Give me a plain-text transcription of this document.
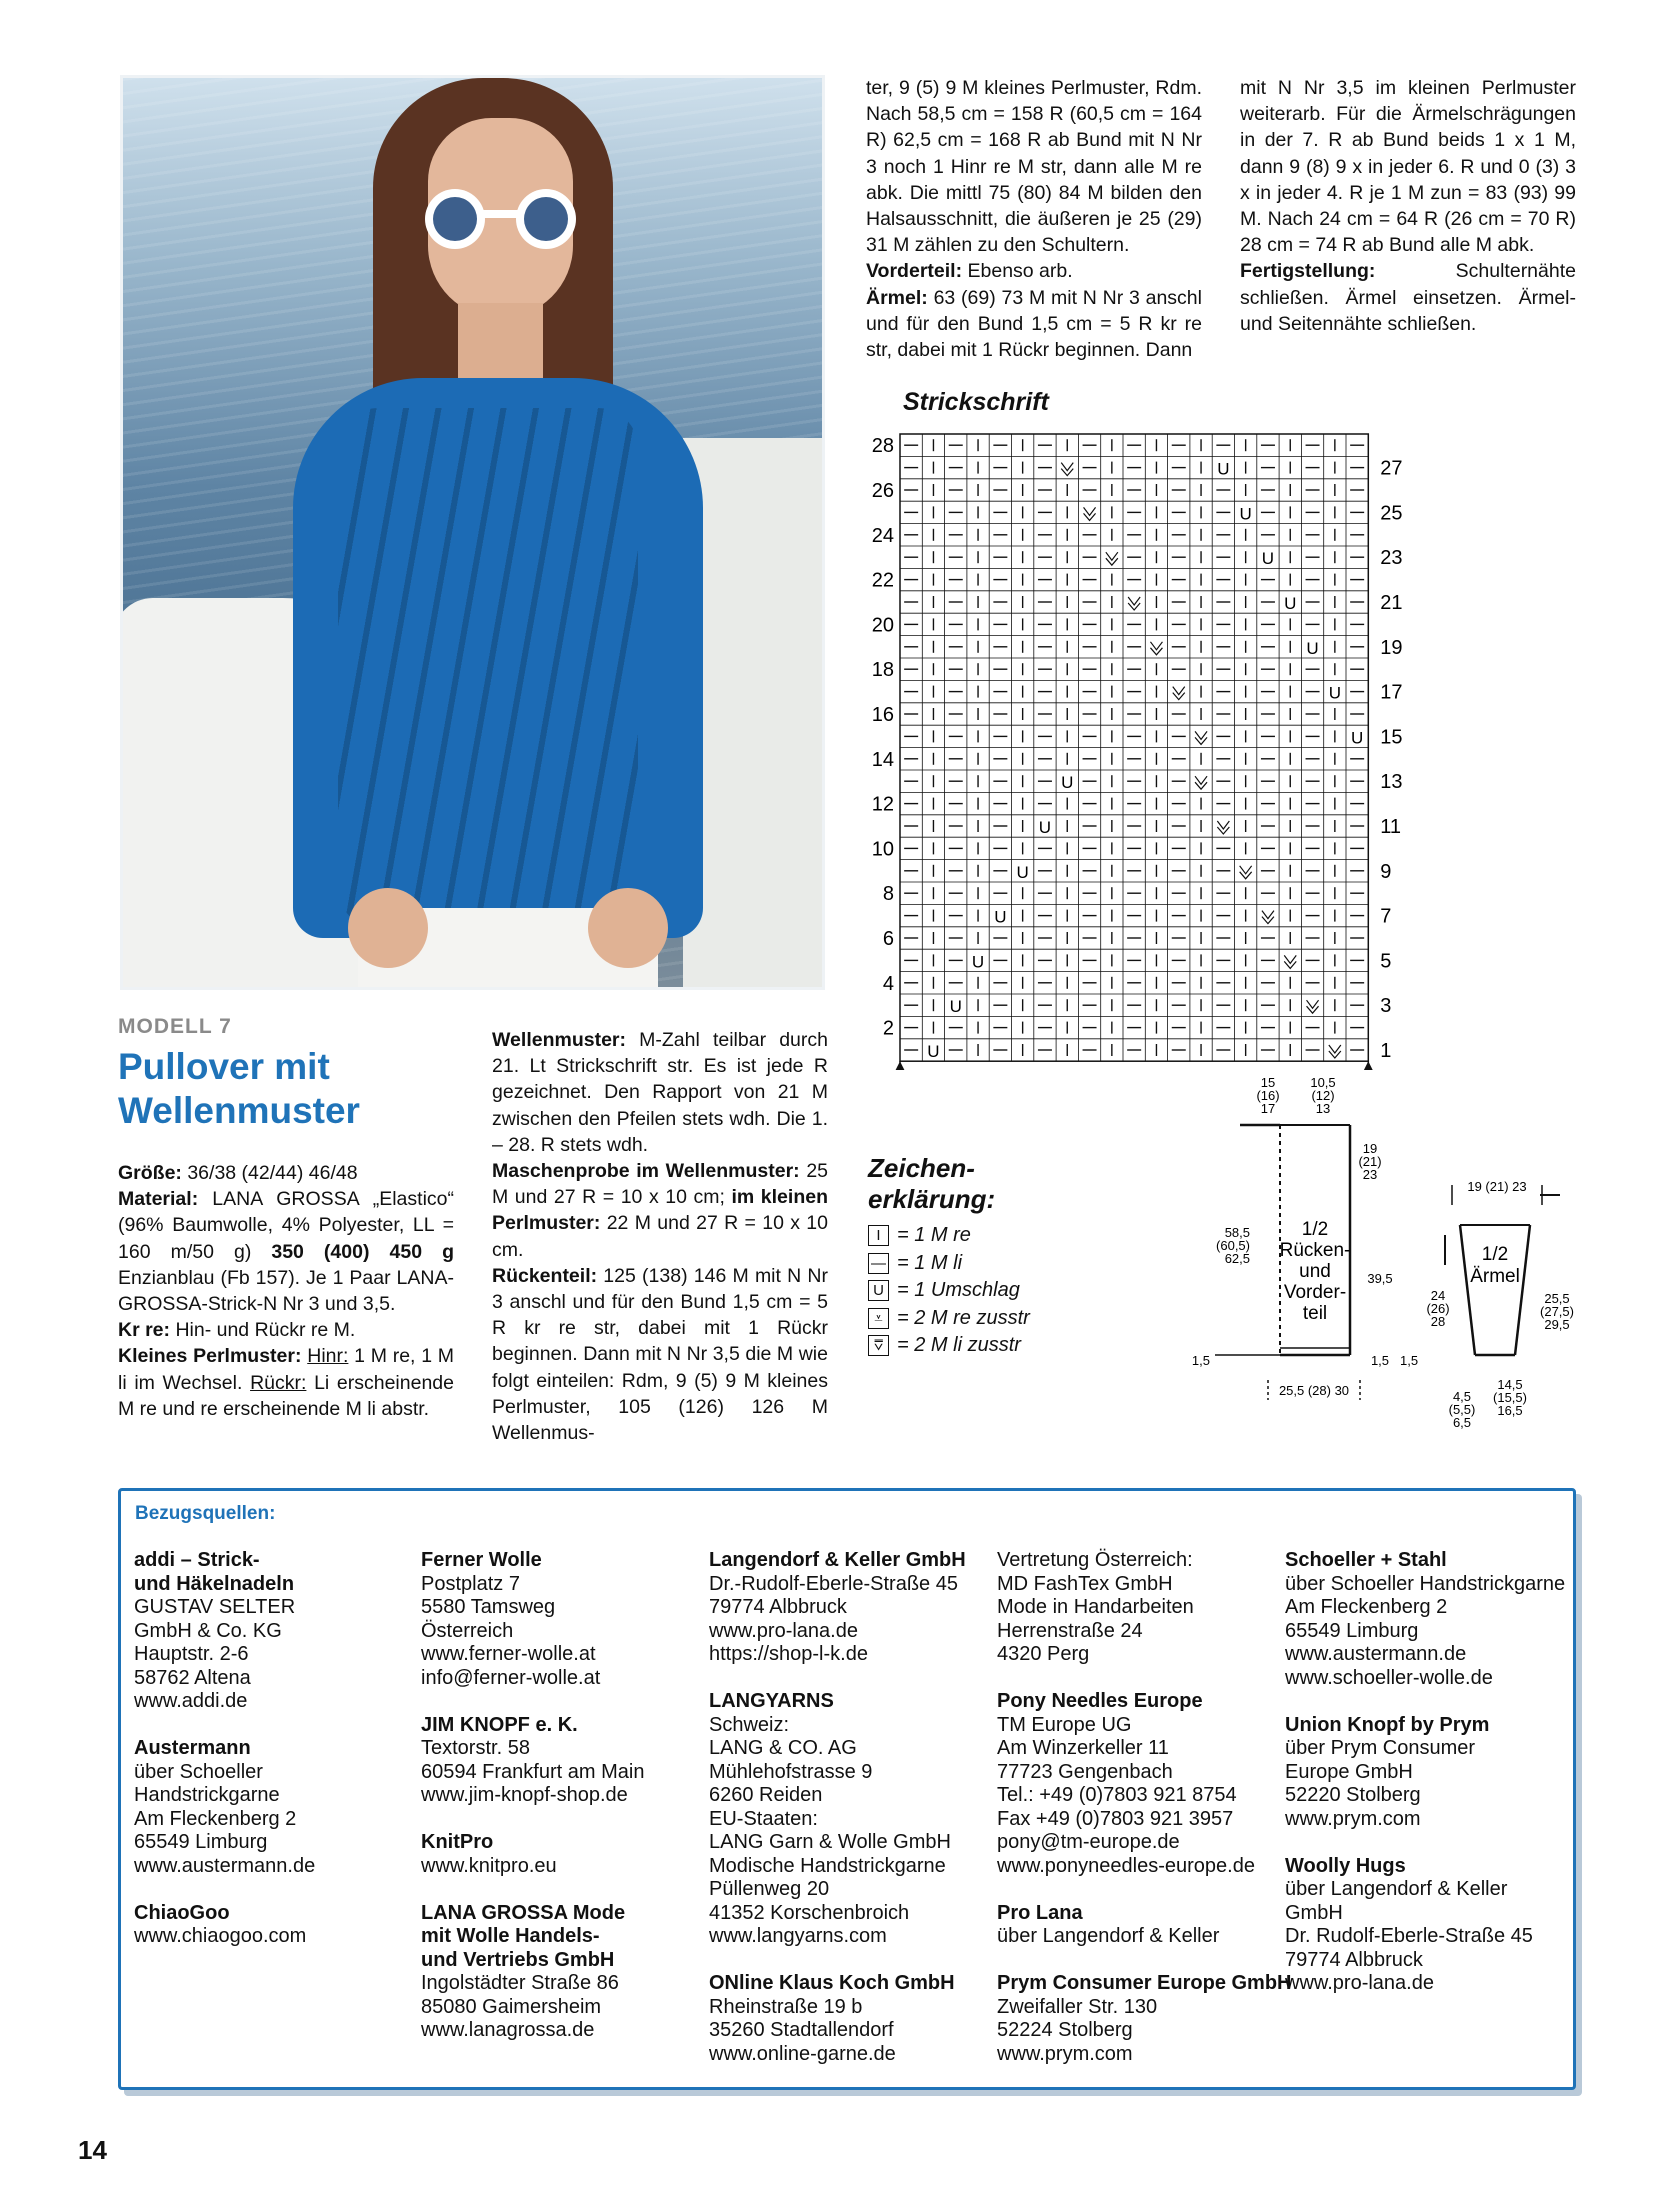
MODELL 7
Pullover mit
Wellenmuster

Größe: 36/38 (42/44) 46/48

Material: LANA GROSSA „Elastico“ (96% Baumwolle, 4% Polyester, LL = 160 m/50 g) 350 (400) 450 g Enzianblau (Fb 157). Je 1 Paar LANA-GROSSA-Strick-N Nr 3 und 3,5.

Kr re: Hin- und Rückr re M.

Kleines Perlmuster: Hinr: 1 M re, 1 M li im Wechsel. Rückr: Li erscheinende M re und re erscheinende M li abstr.

Wellenmuster: M-Zahl teilbar durch 21. Lt Strickschrift str. Es ist jede R gezeichnet. Den Rapport von 21 M zwischen den Pfeilen stets wdh. Die 1. – 28. R stets wdh.

Maschenprobe im Wellenmuster: 25 M und 27 R = 10 x 10 cm; im kleinen Perlmuster: 22 M und 27 R = 10 x 10 cm.

Rückenteil: 125 (138) 146 M mit N Nr 3 anschl und für den Bund 1,5 cm = 5 R kr re str, dabei mit 1 Rückr beginnen. Dann mit N Nr 3,5 die M wie folgt einteilen: Rdm, 9 (5) 9 M kleines Perlmuster, 105 (126) 126 M Wellenmus-

ter, 9 (5) 9 M kleines Perlmuster, Rdm. Nach 58,5 cm = 158 R (60,5 cm = 164 R) 62,5 cm = 168 R ab Bund mit N Nr 3 noch 1 Hinr re M str, dann alle M re abk. Die mittl 75 (80) 84 M bilden den Halsausschnitt, die äußeren je 25 (29) 31 M zählen zu den Schultern.

Vorderteil: Ebenso arb.

Ärmel: 63 (69) 73 M mit N Nr 3 anschl und für den Bund 1,5 cm = 5 R kr re str, dabei mit 1 Rückr beginnen. Dann

mit N Nr 3,5 im kleinen Perlmuster weiterarb. Für die Ärmelschrägungen in der 7. R ab Bund beids 1 x 1 M, dann 9 (8) 9 x in jeder 6. R und 0 (3) 3 x in jeder 4. R je 1 M zun = 83 (93) 99 M. Nach 24 cm = 64 R (26 cm = 70 R) 28 cm = 74 R ab Bund alle M abk.

Fertigstellung: Schulternähte schließen. Ärmel einsetzen. Ärmel- und Seitennähte schließen.

Strickschrift
U
U
U
U
U
U
U
U
U
U
U
U
U
U
28
26
24
22
20
18
16
14
12
10
8
6
4
2
27
25
23
21
19
17
15
13
11
9
7
5
3
1
Zeichen-
erklärung:
I = 1 M re
— = 1 M li
U = 1 Umschlag
⩡ = 2 M re zusstr
⩢ = 2 M li zusstr
1/2
Rücken-
und
Vorder-
teil
15
(16)
17
10,5
(12)
13
19
(21)
23
58,5
(60,5)
62,5
39,5
1,5	1,5 1,5
25,5 (28) 30
1/2
Ärmel
19 (21) 23
24
(26)
28
25,5
(27,5)
29,5
14,5
(15,5)
16,5
4,5
(5,5)
6,5
Bezugsquellen:
addi – Strick-
und Häkelnadeln
GUSTAV SELTER
GmbH & Co. KG
Hauptstr. 2-6
58762 Altena
www.addi.de
Austermann
über Schoeller
Handstrickgarne
Am Fleckenberg 2
65549 Limburg
www.austermann.de
ChiaoGoo
www.chiaogoo.com
Ferner Wolle
Postplatz 7
5580 Tamsweg
Österreich
www.ferner-wolle.at
info@ferner-wolle.at
JIM KNOPF e. K.
Textorstr. 58
60594 Frankfurt am Main
www.jim-knopf-shop.de
KnitPro
www.knitpro.eu
LANA GROSSA Mode
mit Wolle Handels-
und Vertriebs GmbH
Ingolstädter Straße 86
85080 Gaimersheim
www.lanagrossa.de
Langendorf & Keller GmbH
Dr.-Rudolf-Eberle-Straße 45
79774 Albbruck
www.pro-lana.de
https://shop-l-k.de
LANGYARNS
Schweiz:
LANG & CO. AG
Mühlehofstrasse 9
6260 Reiden
EU-Staaten:
LANG Garn & Wolle GmbH
Modische Handstrickgarne
Püllenweg 20
41352 Korschenbroich
www.langyarns.com
ONline Klaus Koch GmbH
Rheinstraße 19 b
35260 Stadtallendorf
www.online-garne.de
Vertretung Österreich:
MD FashTex GmbH
Mode in Handarbeiten
Herrenstraße 24
4320 Perg
Pony Needles Europe
TM Europe UG
Am Winzerkeller 11
77723 Gengenbach
Tel.: +49 (0)7803 921 8754
Fax +49 (0)7803 921 3957
pony@tm-europe.de
www.ponyneedles-europe.de
Pro Lana
über Langendorf & Keller
Prym Consumer Europe GmbH
Zweifaller Str. 130
52224 Stolberg
www.prym.com
Schoeller + Stahl
über Schoeller Handstrickgarne
Am Fleckenberg 2
65549 Limburg
www.austermann.de
www.schoeller-wolle.de
Union Knopf by Prym
über Prym Consumer
Europe GmbH
52220 Stolberg
www.prym.com
Woolly Hugs
über Langendorf & Keller
GmbH
Dr. Rudolf-Eberle-Straße 45
79774 Albbruck
www.pro-lana.de
14
